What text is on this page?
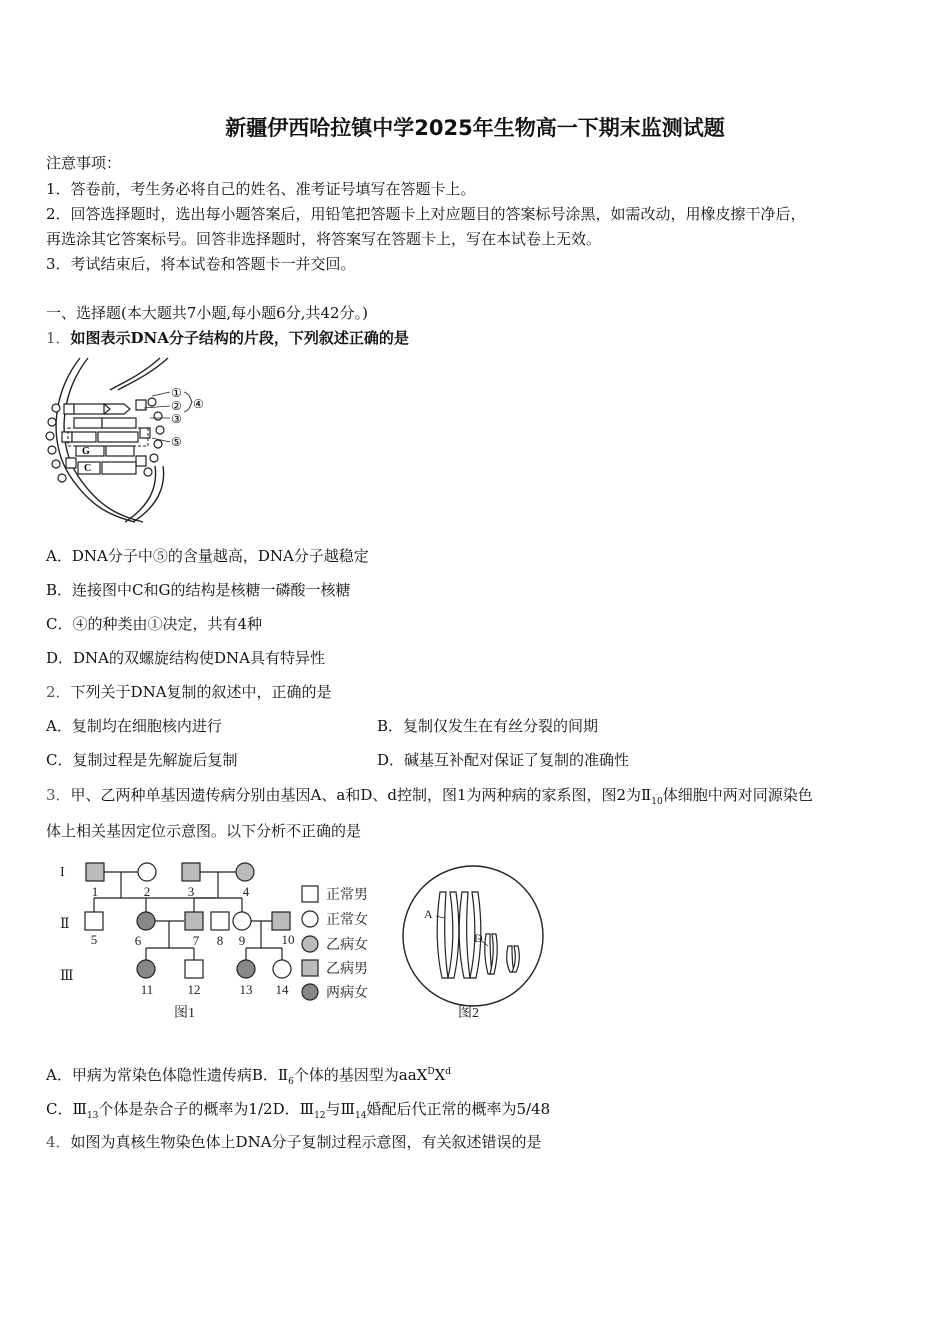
新疆伊西哈拉镇中学2025年生物高一下期末监测试题
注意事项：
1．答卷前，考生务必将自己的姓名、准考证号填写在答题卡上。
2．回答选择题时，选出每小题答案后，用铅笔把答题卡上对应题目的答案标号涂黑，如需改动，用橡皮擦干净后，
再选涂其它答案标号。回答非选择题时，将答案写在答题卡上，写在本试卷上无效。
3．考试结束后，将本试卷和答题卡一并交回。
一、选择题(本大题共7小题,每小题6分,共42分。)
1．如图表示DNA分子结构的片段，下列叙述正确的是
G
C
①
②
③
④
⑤
A．DNA分子中⑤的含量越高，DNA分子越稳定
B．连接图中C和G的结构是核糖一磷酸一核糖
C．④的种类由①决定，共有4种
D．DNA的双螺旋结构使DNA具有特异性
2．下列关于DNA复制的叙述中，正确的是
A．复制均在细胞核内进行	B．复制仅发生在有丝分裂的间期
C．复制过程是先解旋后复制	D．碱基互补配对保证了复制的准确性
3．甲、乙两种单基因遗传病分别由基因A、a和D、d控制，图1为两种病的家系图，图2为$Ⅱ_{10}$体细胞中两对同源染色
体上相关基因定位示意图。以下分析不正确的是
I
Ⅱ
Ⅲ
1	2	3	4
5	6	7 8 9	10
11	12	13 14
正常男
正常女
乙病女
乙病男
两病女
图1
A
D
图2
A．甲病为常染色体隐性遗传病B．$Ⅱ_6$个体的基因型为$aaX^DX^d$
C．$Ⅲ_{13}$个体是杂合子的概率为1/2D．$Ⅲ_{12}$与$Ⅲ_{14}$婚配后代正常的概率为5/48
4．如图为真核生物染色体上DNA分子复制过程示意图，有关叙述错误的是
